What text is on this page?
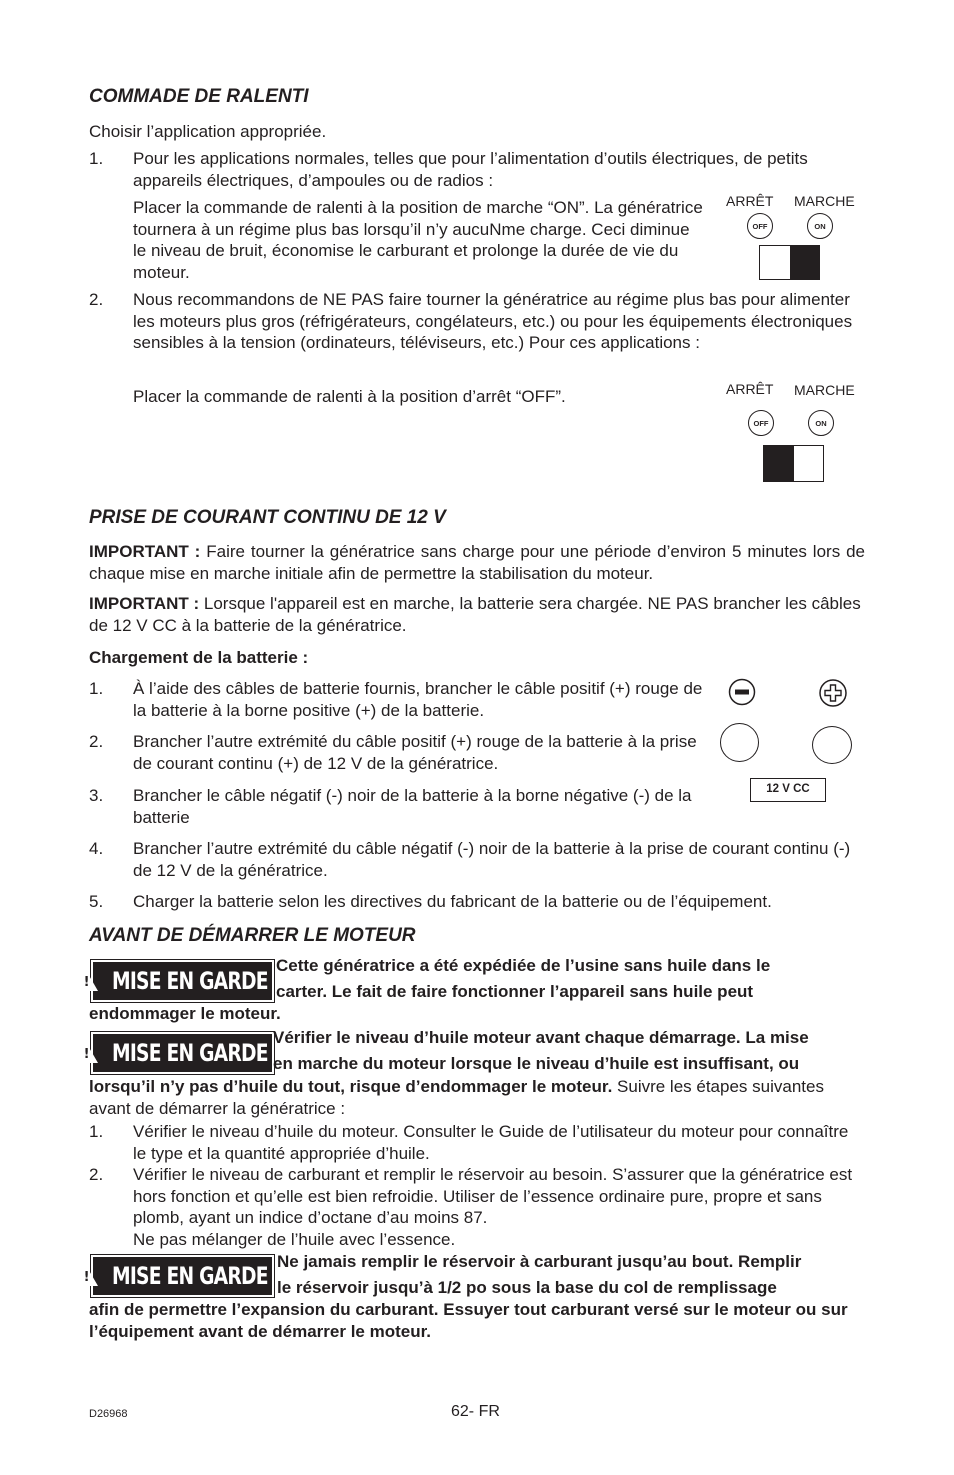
COMMADE DE RALENTI

Choisir l’application appropriée.

1. Pour les applications normales, telles que pour l’alimentation d’outils électriques, de petits appareils électriques, d’ampoules ou de radios :

Placer la commande de ralenti à la position de marche “ON”. La génératrice tournera à un régime plus bas lorsqu’il n’y aucuNme charge. Ceci diminue le niveau de bruit, économise le carburant et prolonge la durée de vie du moteur.

ARRÊT MARCHE
OFF	ON
2. Nous recommandons de NE PAS faire tourner la génératrice au régime plus bas pour alimenter les moteurs plus gros (réfrigérateurs, congélateurs, etc.) ou pour les équipements électroniques sensibles à la tension (ordinateurs, téléviseurs, etc.) Pour ces applications :

Placer la commande de ralenti à la position d’arrêt “OFF”.	ARRÊT MARCHE
OFF	ON
PRISE DE COURANT CONTINU DE 12 V

IMPORTANT : Faire tourner la génératrice sans charge pour une période d’environ 5 minutes lors de chaque mise en marche initiale afin de permettre la stabilisation du moteur.

IMPORTANT : Lorsque l'appareil est en marche, la batterie sera chargée. NE PAS brancher les câbles de 12 V CC à la batterie de la génératrice.

Chargement de la batterie :

1. À l’aide des câbles de batterie fournis, brancher le câble positif (+) rouge de la batterie à la borne positive (+) de la batterie.

2. Brancher l’autre extrémité du câble positif (+) rouge de la batterie à la prise de courant continu (+) de 12 V de la génératrice.

3. Brancher le câble négatif (-) noir de la batterie à la borne négative (-) de la batterie

4. Brancher l’autre extrémité du câble négatif (-) noir de la batterie à la prise de courant continu (-) de 12 V de la génératrice.

5. Charger la batterie selon les directives du fabricant de la batterie ou de l’équipement.

12 V CC
AVANT DE DÉMARRER LE MOTEUR
!
MISE EN GARDE

Cette génératrice a été expédiée de l’usine sans huile dans le

carter. Le fait de faire fonctionner l’appareil sans huile peut

endommager le moteur.

!
MISE EN GARDE

Vérifier le niveau d’huile moteur avant chaque démarrage. La mise

en marche du moteur lorsque le niveau d’huile est insuffisant, ou

lorsqu’il n’y pas d’huile du tout, risque d’endommager le moteur. Suivre les étapes suivantes avant de démarrer la génératrice :

1. Vérifier le niveau d’huile du moteur. Consulter le Guide de l’utilisateur du moteur pour connaître le type et la quantité appropriée d’huile.

2. Vérifier le niveau de carburant et remplir le réservoir au besoin. S’assurer que la génératrice est hors fonction et qu’elle est bien refroidie. Utiliser de l’essence ordinaire pure, propre et sans plomb, ayant un indice d’octane d’au moins 87.

Ne pas mélanger de l’huile avec l’essence.

!
MISE EN GARDE

Ne jamais remplir le réservoir à carburant jusqu’au bout. Remplir

le réservoir jusqu’à 1/2 po sous la base du col de remplissage

afin de permettre l’expansion du carburant. Essuyer tout carburant versé sur le moteur ou sur l’équipement avant de démarrer le moteur.

D26968	62- FR
